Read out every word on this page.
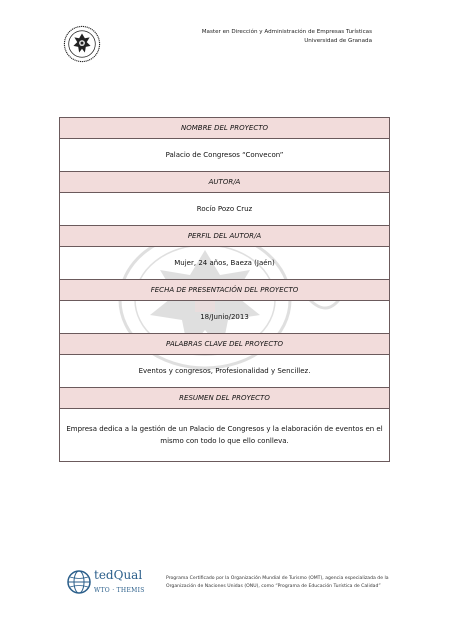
Master en Dirección y Administración de Empresas Turísticas
Universidad de Granada
NOMBRE DEL PROYECTO
Palacio de Congresos “Convecon”
AUTOR/A
Rocío Pozo Cruz
PERFIL DEL AUTOR/A
Mujer, 24 años, Baeza (Jaén)
FECHA DE PRESENTACIÓN DEL PROYECTO
18/Junio/2013
PALABRAS CLAVE DEL PROYECTO
Eventos y congresos, Profesionalidad y Sencillez.
RESUMEN DEL PROYECTO
Empresa dedica a la gestión de un Palacio de Congresos y la elaboración de eventos en el mismo con todo lo que ello conlleva.
tedQual
WTO · THEMIS
Programa Certificado por la Organización Mundial de Turismo (OMT), agencia especializada de la Organización de Naciones Unidas (ONU), como “Programa de Educación Turística de Calidad”
